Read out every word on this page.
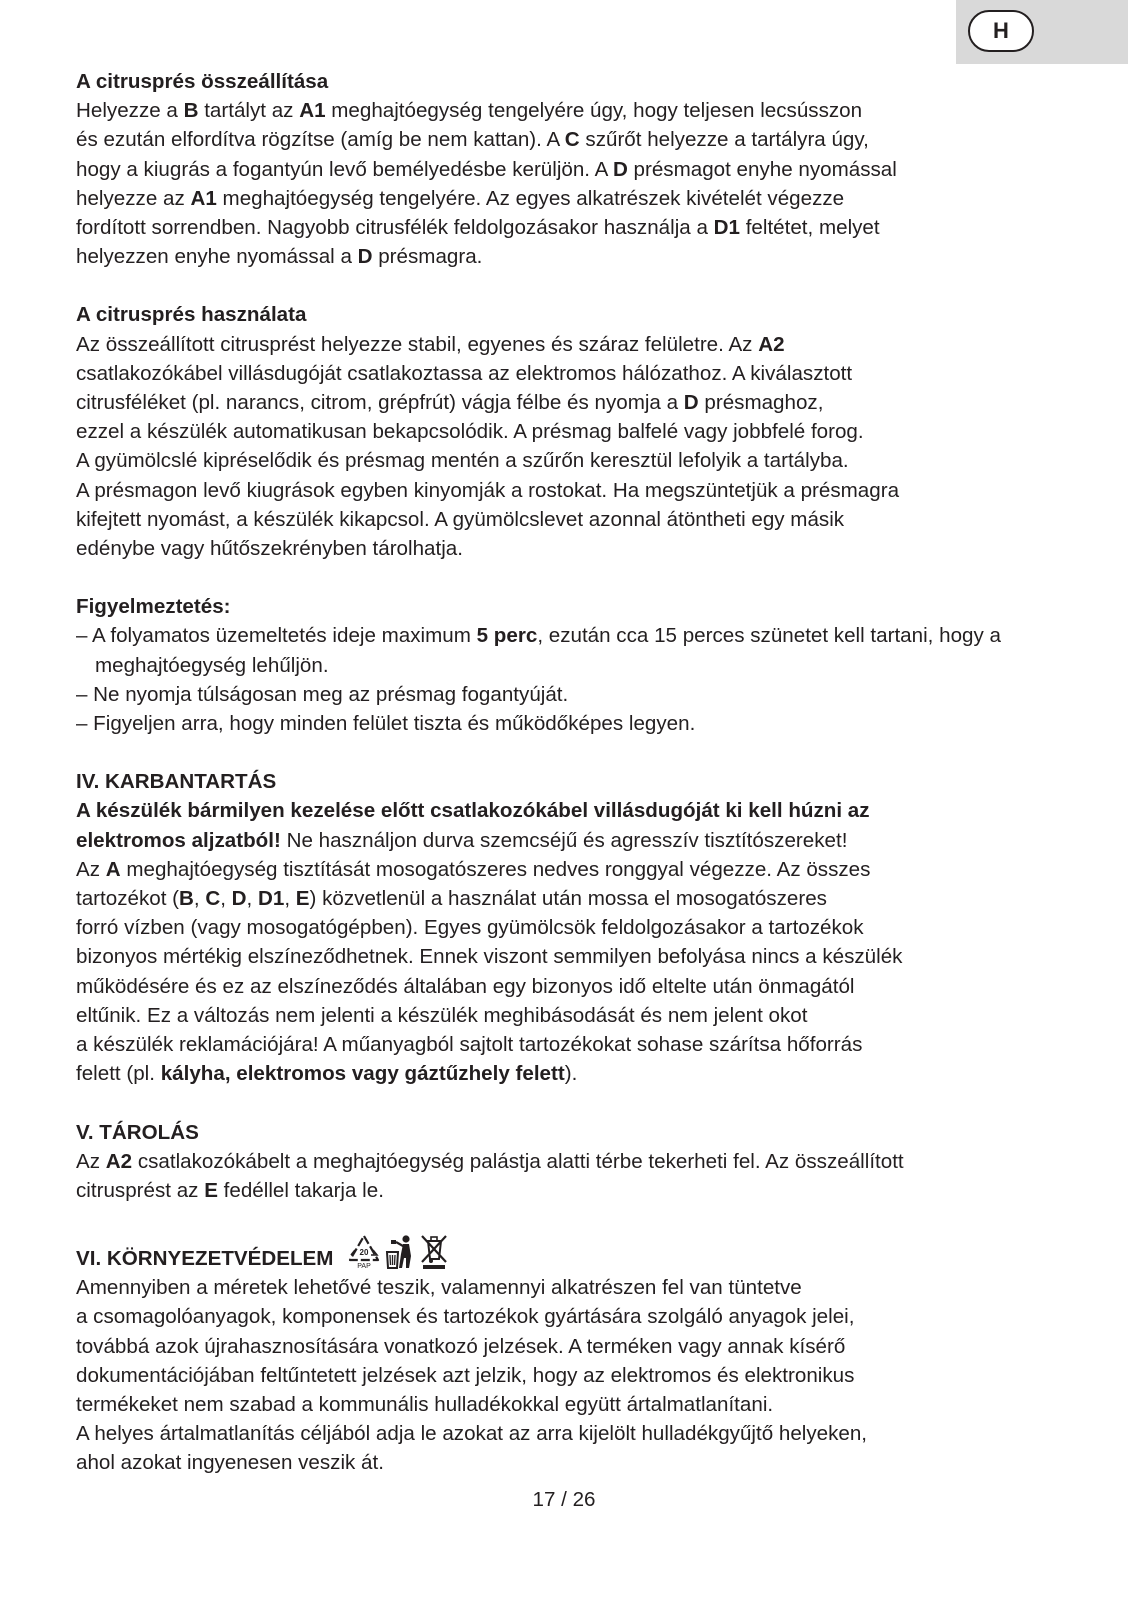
H
A citrusprés összeállítása

Helyezze a B tartályt az A1 meghajtóegység tengelyére úgy, hogy teljesen lecsússzon

és ezután elfordítva rögzítse (amíg be nem kattan). A C szűrőt helyezze a tartályra úgy,

hogy a kiugrás a fogantyún levő bemélyedésbe kerüljön. A D présmagot enyhe nyomással

helyezze az A1 meghajtóegység tengelyére. Az egyes alkatrészek kivételét végezze

fordított sorrendben. Nagyobb citrusfélék feldolgozásakor használja a D1 feltétet, melyet

helyezzen enyhe nyomással a D présmagra.

A citrusprés használata

Az összeállított citrusprést helyezze stabil, egyenes és száraz felületre. Az A2

csatlakozókábel villásdugóját csatlakoztassa az elektromos hálózathoz. A kiválasztott

citrusféléket (pl. narancs, citrom, grépfrút) vágja félbe és nyomja a D présmaghoz,

ezzel a készülék automatikusan bekapcsolódik. A présmag balfelé vagy jobbfelé forog.

A gyümölcslé kipréselődik és présmag mentén a szűrőn keresztül lefolyik a tartályba.

A présmagon levő kiugrások egyben kinyomják a rostokat. Ha megszüntetjük a présmagra

kifejtett nyomást, a készülék kikapcsol. A gyümölcslevet azonnal átöntheti egy másik

edénybe vagy hűtőszekrényben tárolhatja.

Figyelmeztetés:

– A folyamatos üzemeltetés ideje maximum 5 perc, ezután cca 15 perces szünetet kell tartani, hogy a meghajtóegység lehűljön.

– Ne nyomja túlságosan meg az présmag fogantyúját.

– Figyeljen arra, hogy minden felület tiszta és működőképes legyen.

IV. KARBANTARTÁS

A készülék bármilyen kezelése előtt csatlakozókábel villásdugóját ki kell húzni az

elektromos aljzatból! Ne használjon durva szemcséjű és agresszív tisztítószereket!

Az A meghajtóegység tisztítását mosogatószeres nedves ronggyal végezze. Az összes

tartozékot (B, C, D, D1, E) közvetlenül a használat után mossa el mosogatószeres

forró vízben (vagy mosogatógépben). Egyes gyümölcsök feldolgozásakor a tartozékok

bizonyos mértékig elszíneződhetnek. Ennek viszont semmilyen befolyása nincs a készülék

működésére és ez az elszíneződés általában egy bizonyos idő eltelte után önmagától

eltűnik. Ez a változás nem jelenti a készülék meghibásodását és nem jelent okot

a készülék reklamációjára! A műanyagból sajtolt tartozékokat sohase szárítsa hőforrás

felett (pl. kályha, elektromos vagy gáztűzhely felett).

V. TÁROLÁS

Az A2 csatlakozókábelt a meghajtóegység palástja alatti térbe tekerheti fel. Az összeállított

citrusprést az E fedéllel takarja le.

VI. KÖRNYEZETVÉDELEM	20
PAP

Amennyiben a méretek lehetővé teszik, valamennyi alkatrészen fel van tüntetve

a csomagolóanyagok, komponensek és tartozékok gyártására szolgáló anyagok jelei,

továbbá azok újrahasznosítására vonatkozó jelzések. A terméken vagy annak kísérő

dokumentációjában feltűntetett jelzések azt jelzik, hogy az elektromos és elektronikus

termékeket nem szabad a kommunális hulladékokkal együtt ártalmatlanítani.

A helyes ártalmatlanítás céljából adja le azokat az arra kijelölt hulladékgyűjtő helyeken,

ahol azokat ingyenesen veszik át.

17 / 26
